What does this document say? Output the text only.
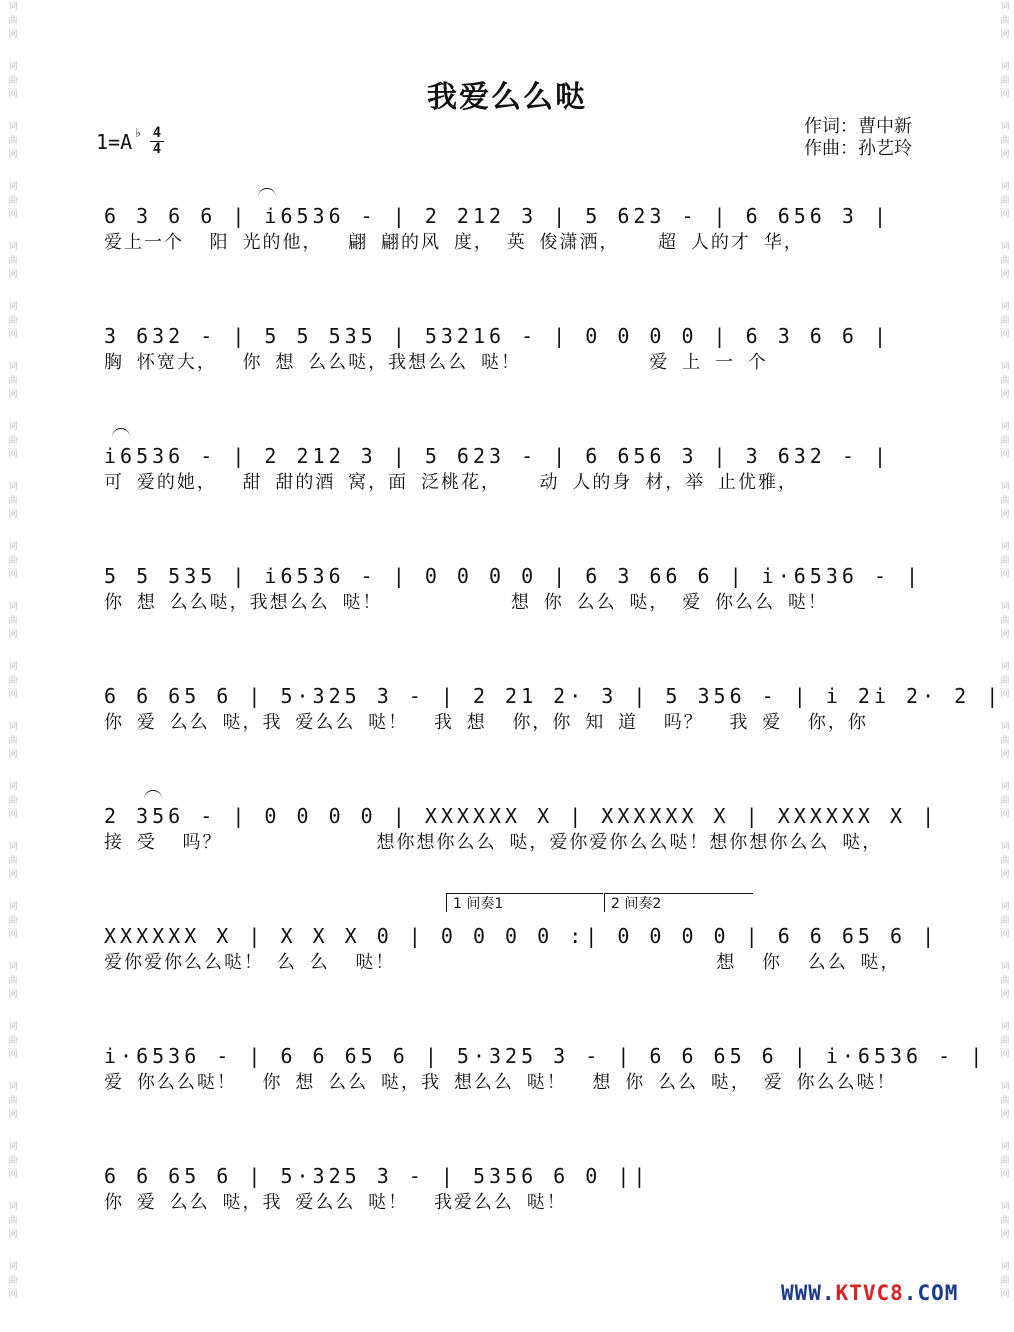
词
曲
网
词
曲
网
词
曲
网
词
曲
网
词
曲
网
词
曲
网
词
曲
网
词
曲
网
词
曲
网
词
曲
网
词
曲
网
词
曲
网
词
曲
网
词
曲
网
词
曲
网
词
曲
网
词
曲
网
词
曲
网
词
曲
网
词
曲
网
词
曲
网
词
曲
网
词
曲
网
词
曲
网
词
曲
网
词
曲
网
词
曲
网
词
曲
网
词
曲
网
词
曲
网
词
曲
网
词
曲
网
词
曲
网
词
曲
网
词
曲
网
词
曲
网
词
曲
网
词
曲
网
词
曲
网
词
曲
网
词
曲
网
词
曲
网
词
曲
网
词
曲
网
我爱么么哒
1=A ♭ 4
4
作词：曹中新
作曲：孙艺玲
6 3 6 6 | i6536 - | 2 212 3 | 5 623 - | 6 656 3 |
爱上一个  阳 光的他，  翩 翩的风 度， 英 俊潇洒，   超 人的才 华，
3 632 - | 5 5 535 | 53216 - | 0 0 0 0 | 6 3 6 6 |
胸 怀宽大，  你 想 么么哒，我想么么 哒！          爱 上 一 个
i6536 - | 2 212 3 | 5 623 - | 6 656 3 | 3 632 - |
可 爱的她，  甜 甜的酒 窝，面 泛桃花，   动 人的身 材，举 止优雅，
5 5 535 | i6536 - | 0 0 0 0 | 6 3 66 6 | i·6536 - |
你 想 么么哒，我想么么 哒！          想 你 么么 哒， 爱 你么么 哒！
6 6 65 6 | 5·325 3 - | 2 21 2· 3 | 5 356 - | i 2i 2· 2 |
你 爱 么么 哒，我 爱么么 哒！  我 想  你，你 知 道  吗？  我 爱  你，你
2 356 - | 0 0 0 0 | XXXXXX X | XXXXXX X | XXXXXX X |
接 受  吗？            想你想你么么 哒，爱你爱你么么哒！想你想你么么 哒，
1 间奏1	2 间奏2
XXXXXX X | X X X 0 | 0 0 0 0 :| 0 0 0 0 | 6 6 65 6 |
爱你爱你么么哒！ 么 么  哒！                         想  你  么么 哒，
i·6536 - | 6 6 65 6 | 5·325 3 - | 6 6 65 6 | i·6536 - |
爱 你么么哒！  你 想 么么 哒，我 想么么 哒！  想 你 么么 哒， 爱 你么么哒！
6 6 65 6 | 5·325 3 - | 5356 6 0 ||
你 爱 么么 哒，我 爱么么 哒！  我爱么么 哒！
WWW.KTVC8.COM
